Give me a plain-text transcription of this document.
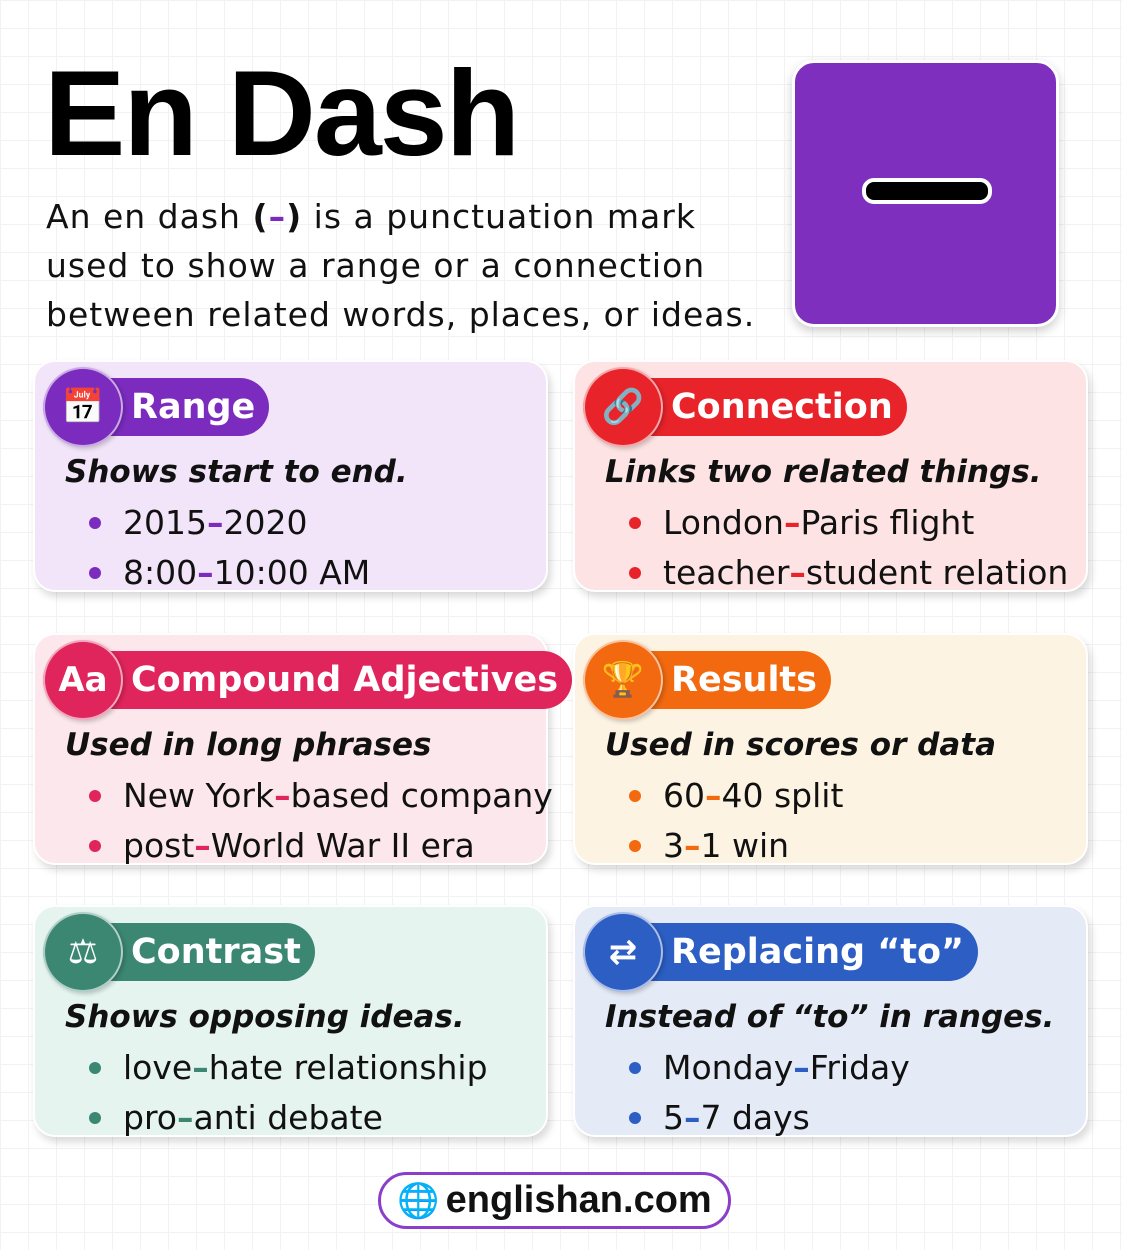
En Dash
An en dash (–) is a punctuation mark used to show a range or a connection between related words, places, or ideas.
Range
📅
Shows start to end.
2015 – 2020
8:00 – 10:00 AM
Connection
🔗
Links two related things.
London – Paris flight
teacher – student relation
Compound Adjectives
Aa
Used in long phrases
New York – based company
post – World War II era
Results
🏆
Used in scores or data
60 – 40 split
3 – 1 win
Contrast
⚖
Shows opposing ideas.
love – hate relationship
pro – anti debate
Replacing “to”
⇄
Instead of “to” in ranges.
Monday – Friday
5 – 7 days
🌐 englishan.com
